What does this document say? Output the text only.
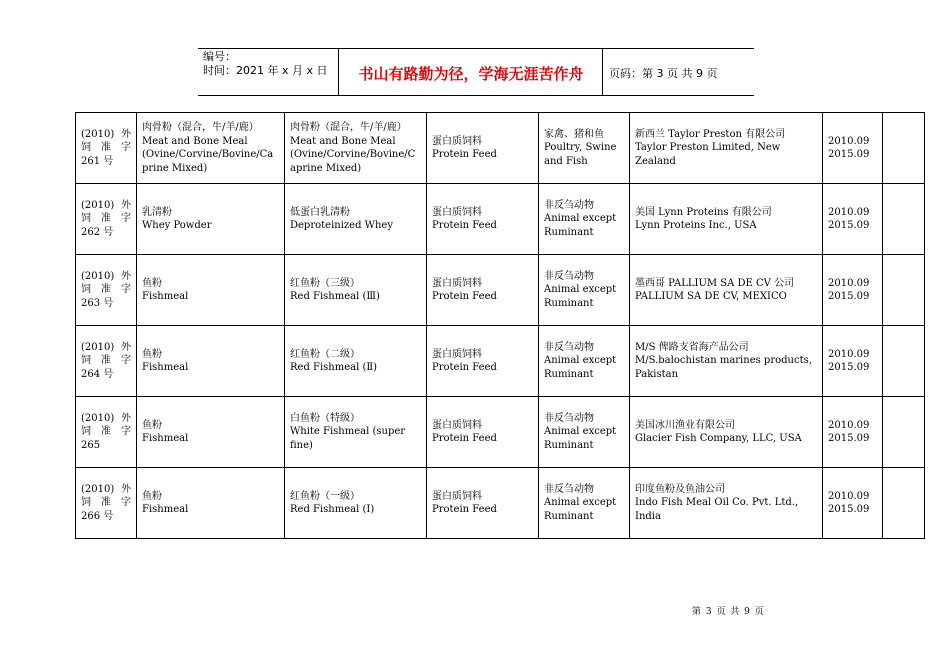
编号：
时间：2021 年 x 月 x 日	书山有路勤为径，学海无涯苦作舟	页码：第 3 页 共 9 页
(2010) 外
饲 准 字
261 号	肉骨粉（混合，牛/羊/鹿）
Meat and Bone Meal (Ovine/Corvine/Bovine/Caprine Mixed)	肉骨粉（混合，牛/羊/鹿）
Meat and Bone Meal (Ovine/Corvine/Bovine/Caprine Mixed)	蛋白质饲料
Protein Feed	家禽、猪和鱼
Poultry, Swine and Fish	新西兰 Taylor Preston 有限公司
Taylor Preston Limited, New Zealand	2010.09
2015.09	

(2010) 外
饲 准 字
262 号	乳清粉
Whey Powder	低蛋白乳清粉
Deproteinized Whey	蛋白质饲料
Protein Feed	非反刍动物
Animal except Ruminant	美国 Lynn Proteins 有限公司
Lynn Proteins Inc., USA	2010.09
2015.09	

(2010) 外
饲 准 字
263 号	鱼粉
Fishmeal	红鱼粉（三级）
Red Fishmeal (Ⅲ)	蛋白质饲料
Protein Feed	非反刍动物
Animal except Ruminant	墨西哥 PALLIUM SA DE CV 公司
PALLIUM SA DE CV, MEXICO	2010.09
2015.09	

(2010) 外
饲 准 字
264 号	鱼粉
Fishmeal	红鱼粉（二级）
Red Fishmeal (Ⅱ)	蛋白质饲料
Protein Feed	非反刍动物
Animal except Ruminant	M/S 俾路支省海产品公司
M/S.balochistan marines products, Pakistan	2010.09
2015.09	

(2010) 外
饲 准 字
265	鱼粉
Fishmeal	白鱼粉（特级）
White Fishmeal (super fine)	蛋白质饲料
Protein Feed	非反刍动物
Animal except Ruminant	美国冰川渔业有限公司
Glacier Fish Company, LLC, USA	2010.09
2015.09	

(2010) 外
饲 准 字
266 号	鱼粉
Fishmeal	红鱼粉（一级）
Red Fishmeal (Ⅰ)	蛋白质饲料
Protein Feed	非反刍动物
Animal except Ruminant	印度鱼粉及鱼油公司
Indo Fish Meal Oil Co. Pvt. Ltd., India	2010.09
2015.09	

第 3 页 共 9 页
